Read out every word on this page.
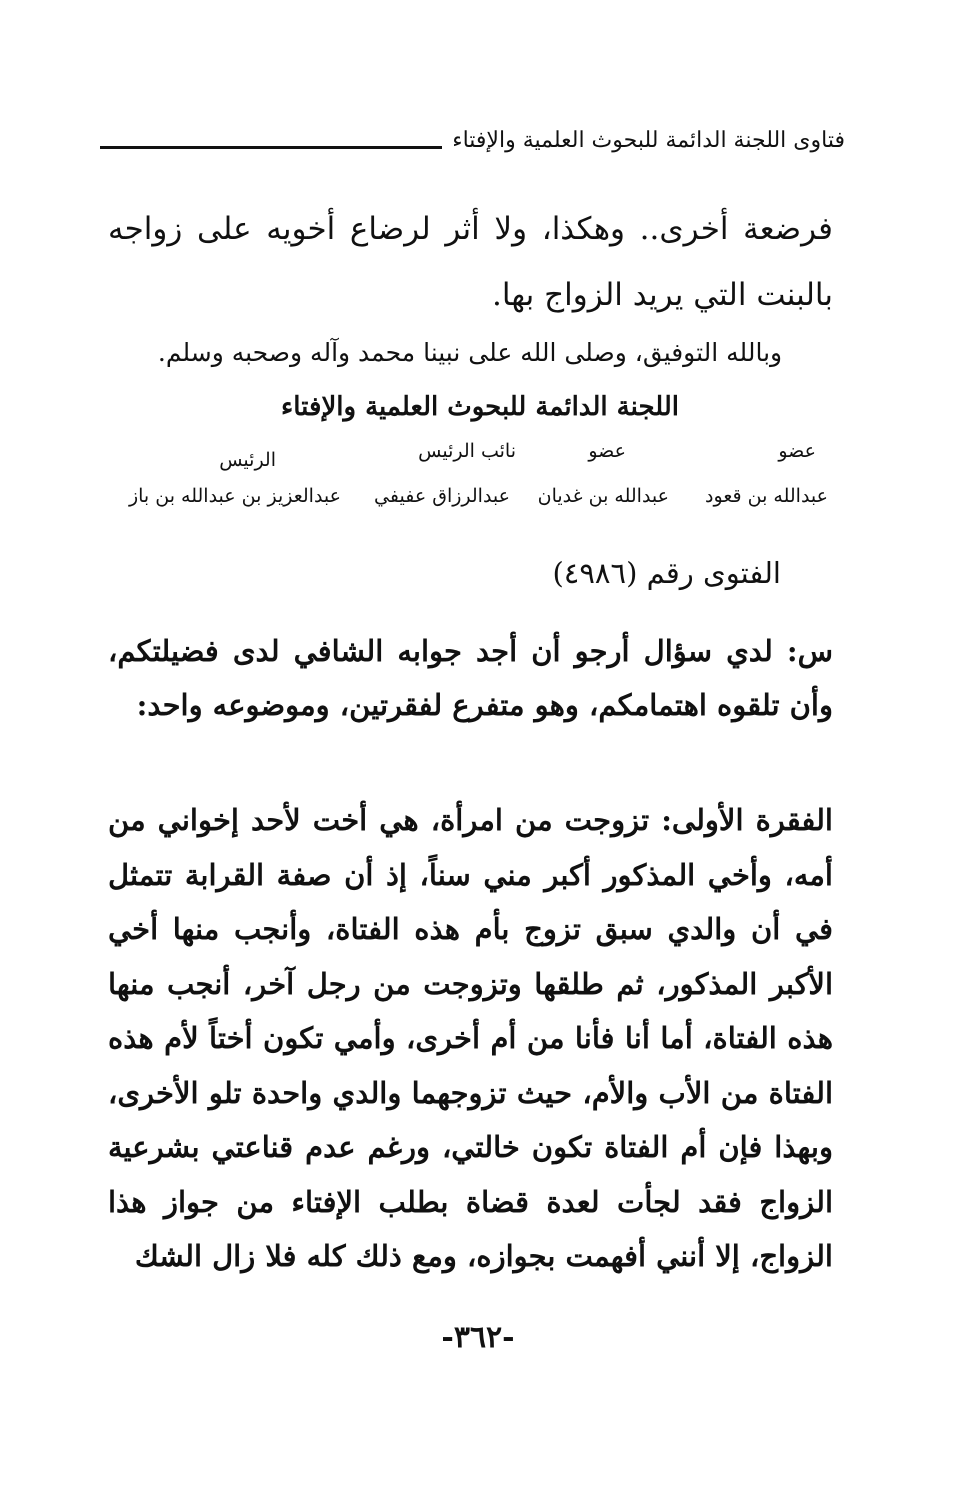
فتاوى اللجنة الدائمة للبحوث العلمية والإفتاء
فرضعة أخرى.. وهكذا، ولا أثر لرضاع أخويه على زواجه بالبنت التي يريد الزواج بها.
وبالله التوفيق، وصلى الله على نبينا محمد وآله وصحبه وسلم.
اللجنة الدائمة للبحوث العلمية والإفتاء
عضو
عضو
نائب الرئيس
الرئيس
عبدالله بن قعود
عبدالله بن غديان
عبدالرزاق عفيفي
عبدالعزيز بن عبدالله بن باز
الفتوى رقم (٤٩٨٦)
س: لدي سؤال أرجو أن أجد جوابه الشافي لدى فضيلتكم، وأن تلقوه اهتمامكم، وهو متفرع لفقرتين، وموضوعه واحد:
الفقرة الأولى: تزوجت من امرأة، هي أخت لأحد إخواني من أمه، وأخي المذكور أكبر مني سناً، إذ أن صفة القرابة تتمثل في أن والدي سبق تزوج بأم هذه الفتاة، وأنجب منها أخي الأكبر المذكور، ثم طلقها وتزوجت من رجل آخر، أنجب منها هذه الفتاة، أما أنا فأنا من أم أخرى، وأمي تكون أختاً لأم هذه الفتاة من الأب والأم، حيث تزوجهما والدي واحدة تلو الأخرى، وبهذا فإن أم الفتاة تكون خالتي، ورغم عدم قناعتي بشرعية الزواج فقد لجأت لعدة قضاة بطلب الإفتاء من جواز هذا الزواج، إلا أنني أفهمت بجوازه، ومع ذلك كله فلا زال الشك
-٣٦٢-
